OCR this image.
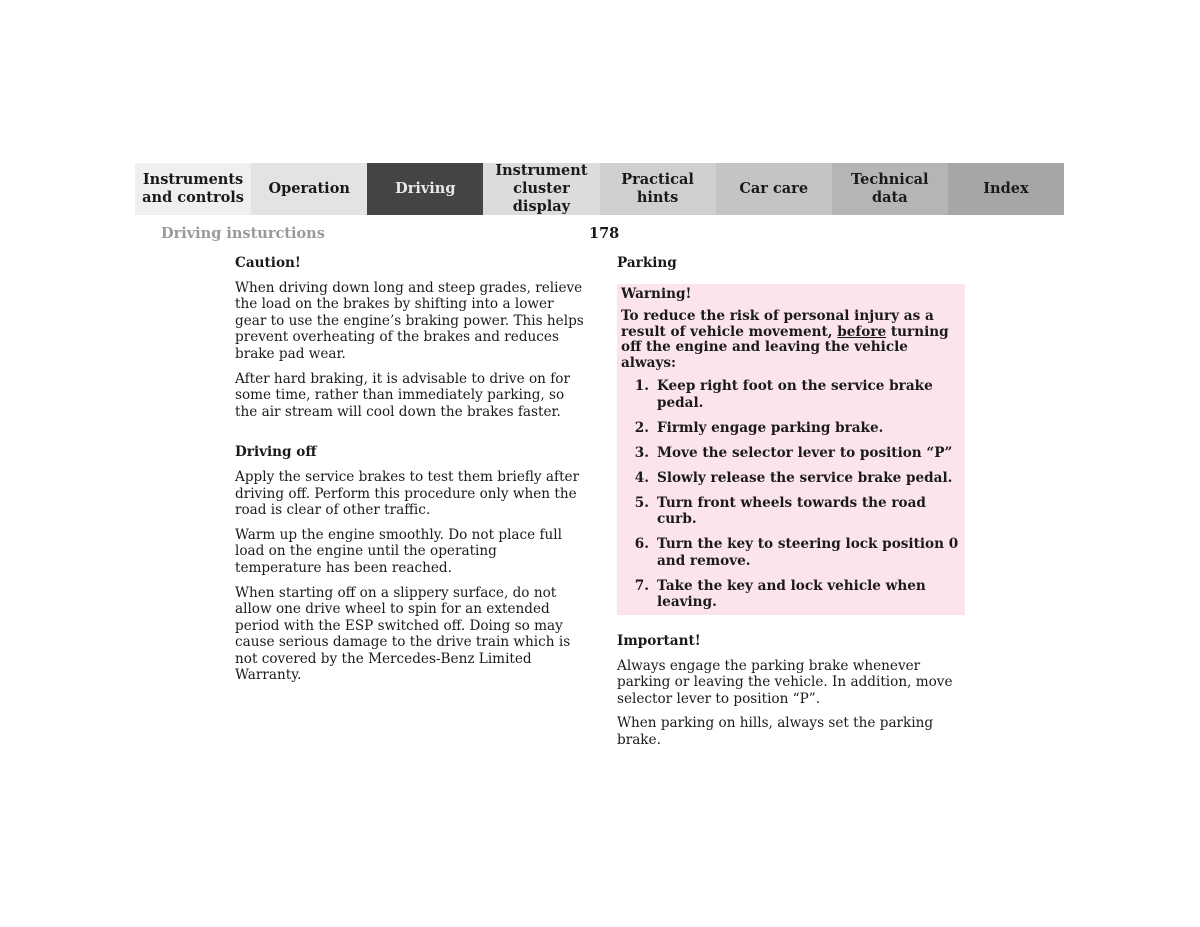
Instruments
and controls
Operation	Driving
Instrument
cluster display
Practical hints
Car care
Technical
data
Index
Driving insturctions	178
Caution!

When driving down long and steep grades, relieve the load on the brakes by shifting into a lower gear to use the engine’s braking power. This helps prevent overheating of the brakes and reduces brake pad wear.

After hard braking, it is advisable to drive on for some time, rather than immediately parking, so the air stream will cool down the brakes faster.

Driving off

Apply the service brakes to test them briefly after driving off. Perform this procedure only when the road is clear of other traffic.

Warm up the engine smoothly. Do not place full load on the engine until the operating temperature has been reached.

When starting off on a slippery surface, do not allow one drive wheel to spin for an extended period with the ESP switched off. Doing so may cause serious damage to the drive train which is not covered by the Mercedes-Benz Limited Warranty.

Parking
Warning!
To reduce the risk of personal injury as a result of vehicle movement, before turning off the engine and leaving the vehicle always:
1. Keep right foot on the service brake pedal.
2. Firmly engage parking brake.
3. Move the selector lever to position “P”
4. Slowly release the service brake pedal.
5. Turn front wheels towards the road curb.
6. Turn the key to steering lock position 0 and remove.
7. Take the key and lock vehicle when leaving.
Important!

Always engage the parking brake whenever parking or leaving the vehicle. In addition, move selector lever to position “P”.

When parking on hills, always set the parking brake.
